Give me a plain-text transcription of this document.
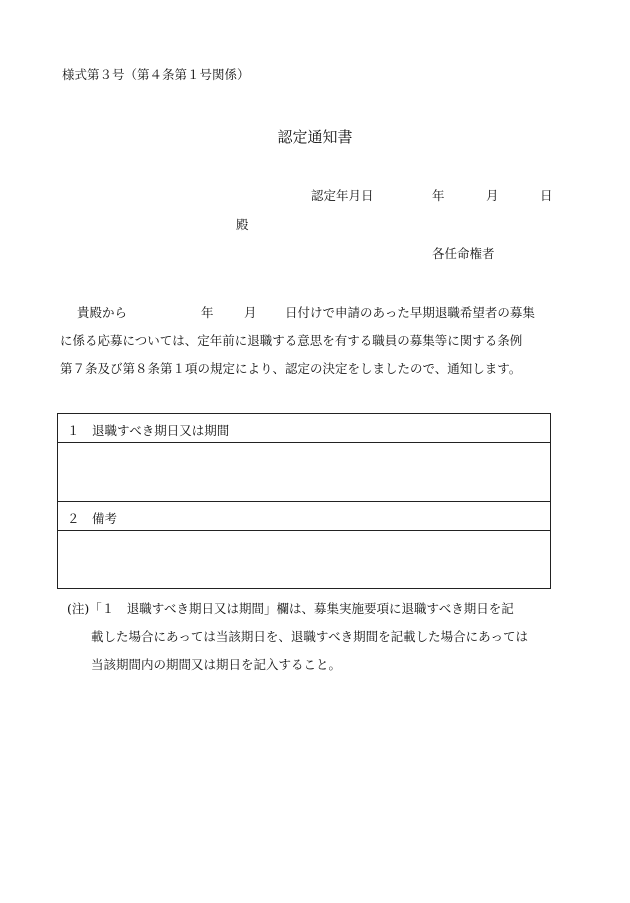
様式第３号（第４条第１号関係）
認定通知書
認定年月日	年	月	日
殿
各任命権者
貴殿から	年 月 日付けで申請のあった早期退職希望者の募集
に係る応募については、定年前に退職する意思を有する職員の募集等に関する条例
第７条及び第８条第１項の規定により、認定の決定をしましたので、通知します。
１　退職すべき期日又は期間
２　備考
(注)「１　退職すべき期日又は期間」欄は、募集実施要項に退職すべき期日を記
載した場合にあっては当該期日を、退職すべき期間を記載した場合にあっては
当該期間内の期間又は期日を記入すること。
